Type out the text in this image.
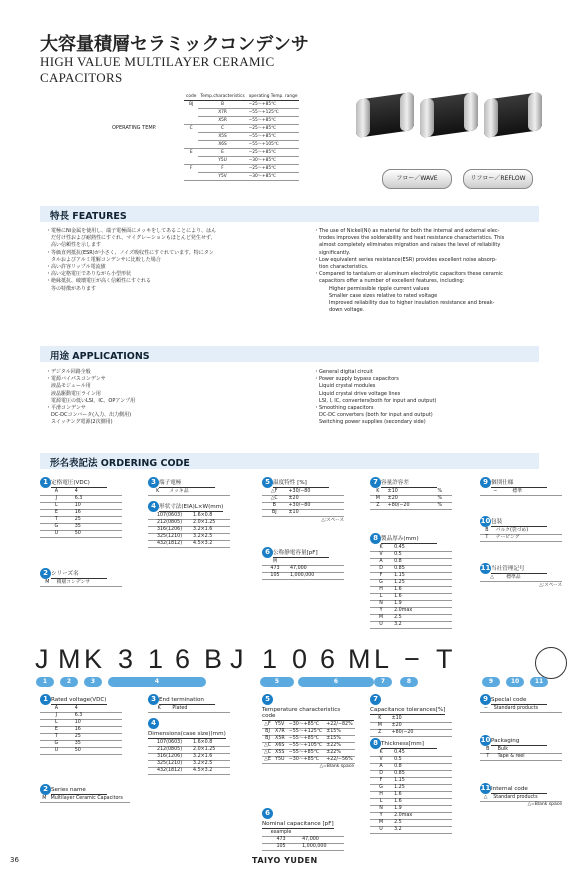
大容量積層セラミックコンデンサ
HIGH VALUE MULTILAYER CERAMIC
CAPACITORS
	code	Temp.characteristics	operating Temp. range
	BJ	B	−25～+85℃
		X7R	−55～+125℃
		X5R	−55～+85℃
OPERATING TEMP.	C	C	−25～+85℃
		X5S	−55～+85℃
		X6S	−55～+105℃
	E	E	−25～+85℃
		Y5U	−30～+85℃
	F	F	−25～+85℃
		Y5V	−30～+85℃	フロー／WAVE	リフロー／REFLOW
特長 FEATURES
・電極にNi金属を使用し、端子電極面にメッキをしてあることにより、はん
　だ付け性および耐熱性にすぐれ、マイグレーションもほとんど発生せず、
　高い信頼性を示します
・等価直列抵抗(ESR)が小さく、ノイズ吸収性にすぐれています。特にタン
　タルおよびアルミ電解コンデンサに比較した場合
・高い許容リップル電流値
・高い定格電圧でありながら小型形状
・絶縁抵抗、破壊電圧が高く信頼性にすぐれる
　等の特徴があります
・The use of Nickel(Ni) as material for both the internal and external elec-
　trodes improves the solderability and heat resistance characteristics. This
　almost completely eliminates migration and raises the level of reliability
　significantly.
・Low equivalent series resistance(ESR) provides excellent noise absorp-
　tion characteristics.
・Compared to tantalum or aluminum electrolytic capacitors these ceramic
　capacitors offer a number of excellent features, including:
　　　Higher permissible ripple current values
　　　Smaller case sizes relative to rated voltage
　　　Improved reliability due to higher insulation resistance and break-
　　　down voltage.
用途 APPLICATIONS
・デジタル回路全般
・電源バイパスコンデンサ
　液晶モジュール用
　液晶駆動電圧ライン用
　電源電圧の低いLSI、IC、OPアンプ用
・平滑コンデンサ
　DC-DCコンバータ(入力、出力側用)
　スイッチング電源(2次側用)
・General digital circuit
・Power supply bypass capacitors
　Liquid crystal modules
　Liquid crystal drive voltage lines
　LSI, I, IC, converters(both for input and output)
・Smoothing capacitors
　DC-DC converters (both for input and output)
　Switching power supplies (secondary side)
形名表記法 ORDERING CODE
1 定格電圧(VDC)
A	4
J	6.3
L	10
E	16
T	25
G	35
U	50
2 シリーズ名
M	積層コンデンサ
3 端子電極
K	メッキ品
4 形状寸法(EIA)L×W(mm)
107(0603)	1.6×0.8
212(0805)	2.0×1.25
316(1206)	3.2×1.6
325(1210)	3.2×2.5
432(1812)	4.5×3.2
5 温度特性 [%]
△F	+30/−80
△C	±20
B	+30/−80
BJ	±10
△:スペース
6 公称静電容量[pF]
例	
473	47,000
105	1,000,000
7 容量許容差
K	±10	%
M	±20	%
Z	+80/−20	%
8 製品厚み(mm)
K	0.45
V	0.5
A	0.8
D	0.85
F	1.15
G	1.25
H	1.6
L	1.6
N	1.9
Y	2.0max
M	2.5
U	3.2
9 個別仕様
−	標準
10包装
B	バルク(袋づめ)
T	テーピング
11当社管理記号
△	標準品
△:スペース
J M K 3 1 6 B J 1 0 6 M L − T
1	2	3	4	5	6	7	8	9	10	11
1 Rated voltage(VDC)
A	4
J	6.3
L	10
E	16
T	25
G	35
U	50
2 Series name
M	Multilayer Ceramic Capacitors
3 End termination
K	Plated
4Dimensions(case size)(mm)
107(0603)	1.6×0.8
212(0805)	2.0×1.25
316(1206)	3.2×1.6
325(1210)	3.2×2.5
432(1812)	4.5×3.2
5Temperature characteristics code
△F	Y5V	−30～+85℃	+22/−82%
BJ	X7R	−55～+125℃	±15%
BJ	X5R	−55～+85℃	±15%
△C	X6S	−55～+105℃	±22%
△C	X5S	−55～+85℃	±22%
△E	Y5U	−30～+85℃	+22/−56%
△=Blank space
6Nominal capacitance [pF]
example	
473	47,000
105	1,000,000
7Capacitance tolerances[%]
K	±10
M	±20
Z	+80/−20
8 Thickness[mm]
K	0.45
V	0.5
A	0.8
D	0.85
F	1.15
G	1.25
H	1.6
L	1.6
N	1.9
Y	2.0max
M	2.5
U	3.2
9 Special code
−	Standard products
10Packaging
B	Bulk
T	Tape & reel
11Internal code
△	Standard products
△=Blank space
36	TAIYO YUDEN
